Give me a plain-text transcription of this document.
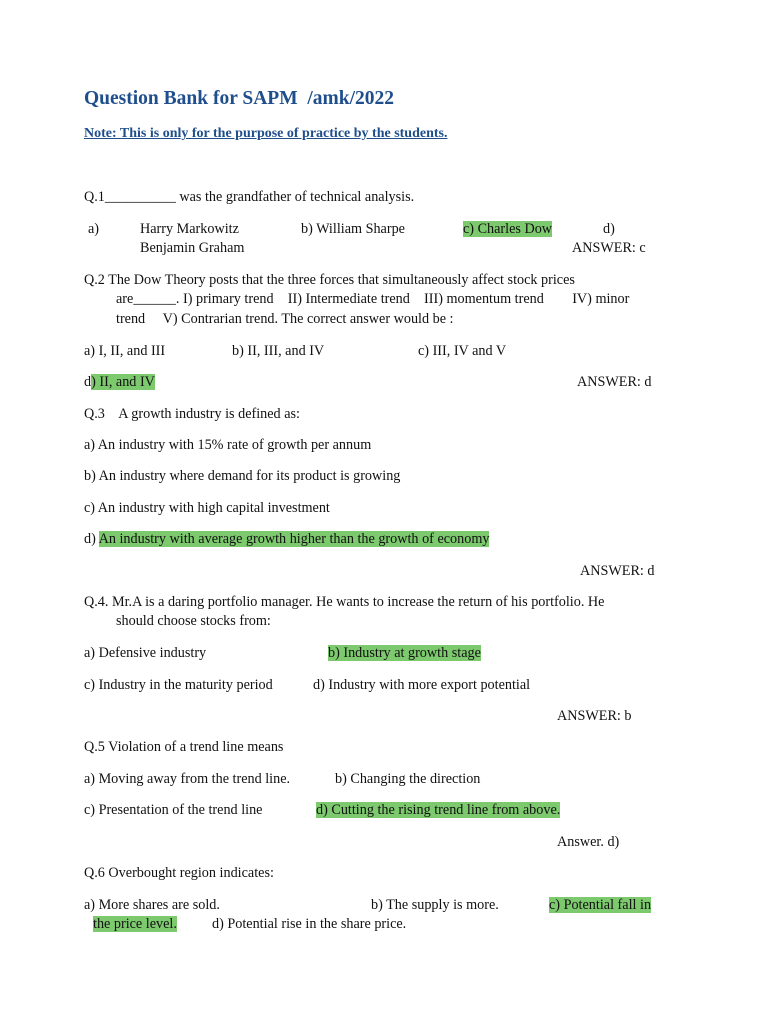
Question Bank for SAPM  /amk/2022
Note: This is only for the purpose of practice by the students.
Q.1__________ was the grandfather of technical analysis.
a)	Harry Markowitz	b) William Sharpe	c) Charles Dow	d)
Benjamin Graham	ANSWER: c
Q.2 The Dow Theory posts that the three forces that simultaneously affect stock prices
are______. I) primary trend    II) Intermediate trend    III) momentum trend        IV) minor
trend     V) Contrarian trend. The correct answer would be :
a) I, II, and III	b) II, III, and IV	c) III, IV and V
d) II, and IV	ANSWER: d
Q.3    A growth industry is defined as:
a) An industry with 15% rate of growth per annum
b) An industry where demand for its product is growing
c) An industry with high capital investment
d) An industry with average growth higher than the growth of economy
ANSWER: d
Q.4. Mr.A is a daring portfolio manager. He wants to increase the return of his portfolio. He
should choose stocks from:
a) Defensive industry	b) Industry at growth stage
c) Industry in the maturity period	d) Industry with more export potential
ANSWER: b
Q.5 Violation of a trend line means
a) Moving away from the trend line.	b) Changing the direction
c) Presentation of the trend line	d) Cutting the rising trend line from above.
Answer. d)
Q.6 Overbought region indicates:
a) More shares are sold.	b) The supply is more.	c) Potential fall in
the price level. d) Potential rise in the share price.
